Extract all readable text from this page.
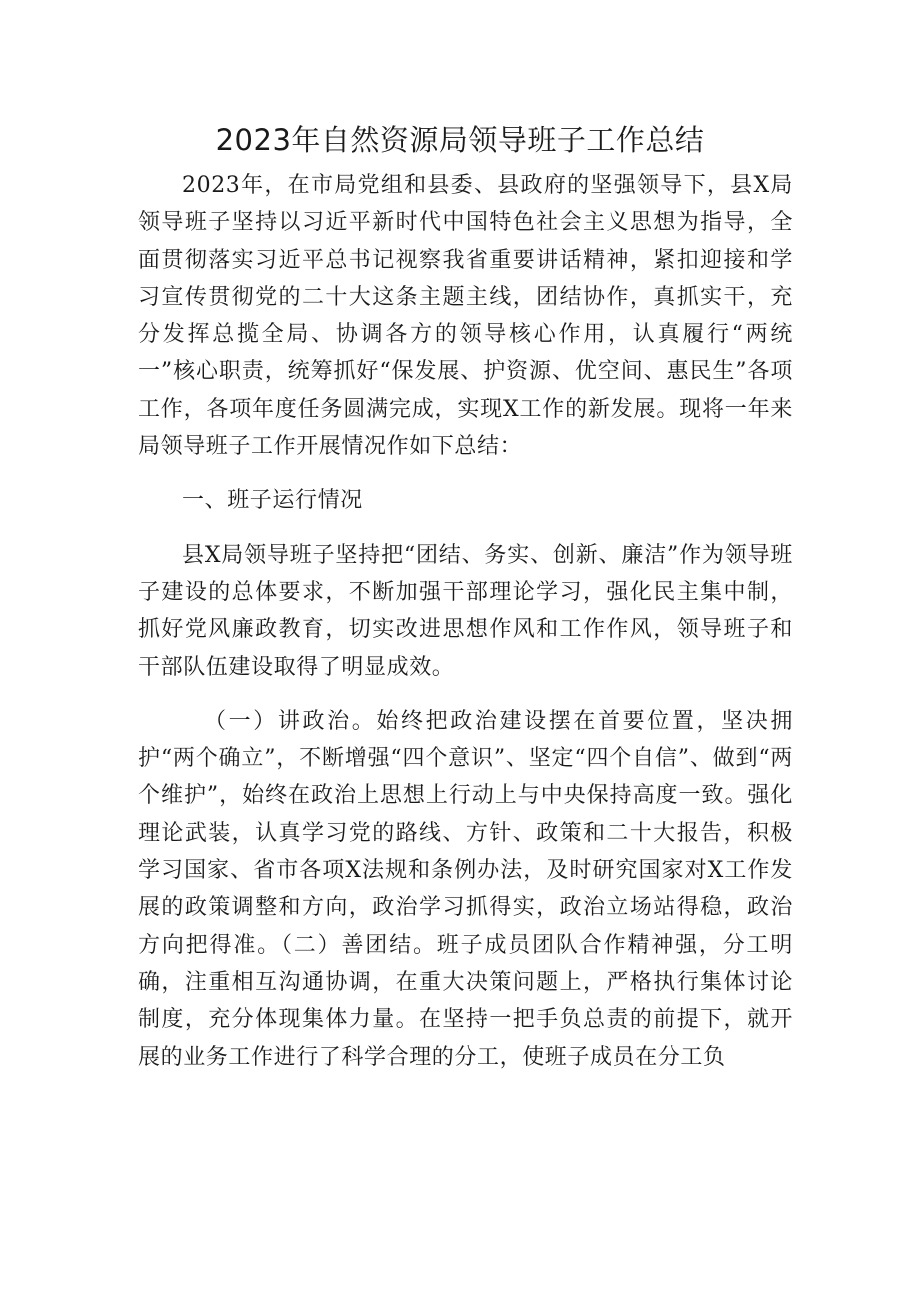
2023年自然资源局领导班子工作总结

2023年，在市局党组和县委、县政府的坚强领导下，县X局领导班子坚持以习近平新时代中国特色社会主义思想为指导，全面贯彻落实习近平总书记视察我省重要讲话精神，紧扣迎接和学习宣传贯彻党的二十大这条主题主线，团结协作，真抓实干，充分发挥总揽全局、协调各方的领导核心作用，认真履行“两统一”核心职责，统筹抓好“保发展、护资源、优空间、惠民生”各项工作，各项年度任务圆满完成，实现X工作的新发展。现将一年来局领导班子工作开展情况作如下总结：

一、班子运行情况

县X局领导班子坚持把“团结、务实、创新、廉洁”作为领导班子建设的总体要求，不断加强干部理论学习，强化民主集中制，抓好党风廉政教育，切实改进思想作风和工作作风，领导班子和干部队伍建设取得了明显成效。

（一）讲政治。始终把政治建设摆在首要位置，坚决拥护“两个确立”，不断增强“四个意识”、坚定“四个自信”、做到“两个维护”，始终在政治上思想上行动上与中央保持高度一致。强化理论武装，认真学习党的路线、方针、政策和二十大报告，积极学习国家、省市各项X法规和条例办法，及时研究国家对X工作发展的政策调整和方向，政治学习抓得实，政治立场站得稳，政治方向把得准。（二）善团结。班子成员团队合作精神强，分工明确，注重相互沟通协调，在重大决策问题上，严格执行集体讨论制度，充分体现集体力量。在坚持一把手负总责的前提下，就开展的业务工作进行了科学合理的分工，使班子成员在分工负
